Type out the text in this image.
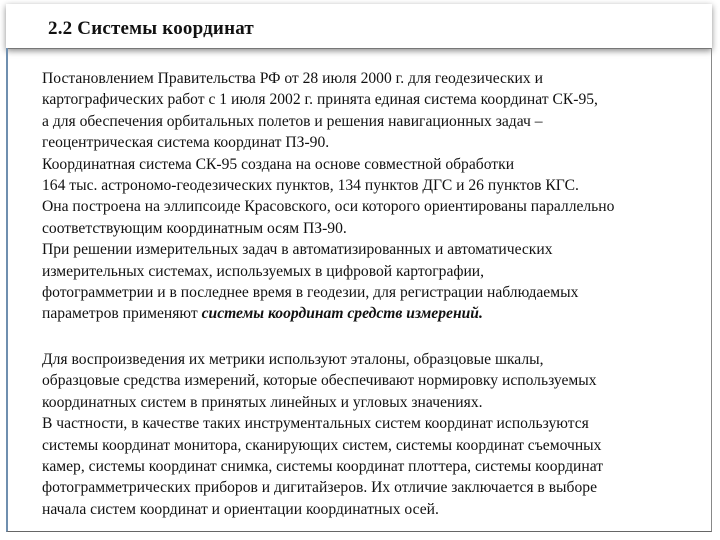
2.2 Системы координат
Постановлением Правительства РФ от 28 июля 2000 г. для геодезических и
картографических работ с 1 июля 2002 г. принята единая система координат СК-95,
а для обеспечения орбитальных полетов и решения навигационных задач –
геоцентрическая система координат ПЗ-90.
Координатная система СК-95 создана на основе совместной обработки
164 тыс. астрономо-геодезических пунктов, 134 пунктов ДГС и 26 пунктов КГС.
Она построена на эллипсоиде Красовского, оси которого ориентированы параллельно
соответствующим координатным осям ПЗ-90.
При решении измерительных задач в автоматизированных и автоматических
измерительных системах, используемых в цифровой картографии,
фотограмметрии и в последнее время в геодезии, для регистрации наблюдаемых
параметров применяют системы координат средств измерений.
Для воспроизведения их метрики используют эталоны, образцовые шкалы,
образцовые средства измерений, которые обеспечивают нормировку используемых
координатных систем в принятых линейных и угловых значениях.
В частности, в качестве таких инструментальных систем координат используются
системы координат монитора, сканирующих систем, системы координат съемочных
камер, системы координат снимка, системы координат плоттера, системы координат
фотограмметрических приборов и дигитайзеров. Их отличие заключается в выборе
начала систем координат и ориентации координатных осей.
